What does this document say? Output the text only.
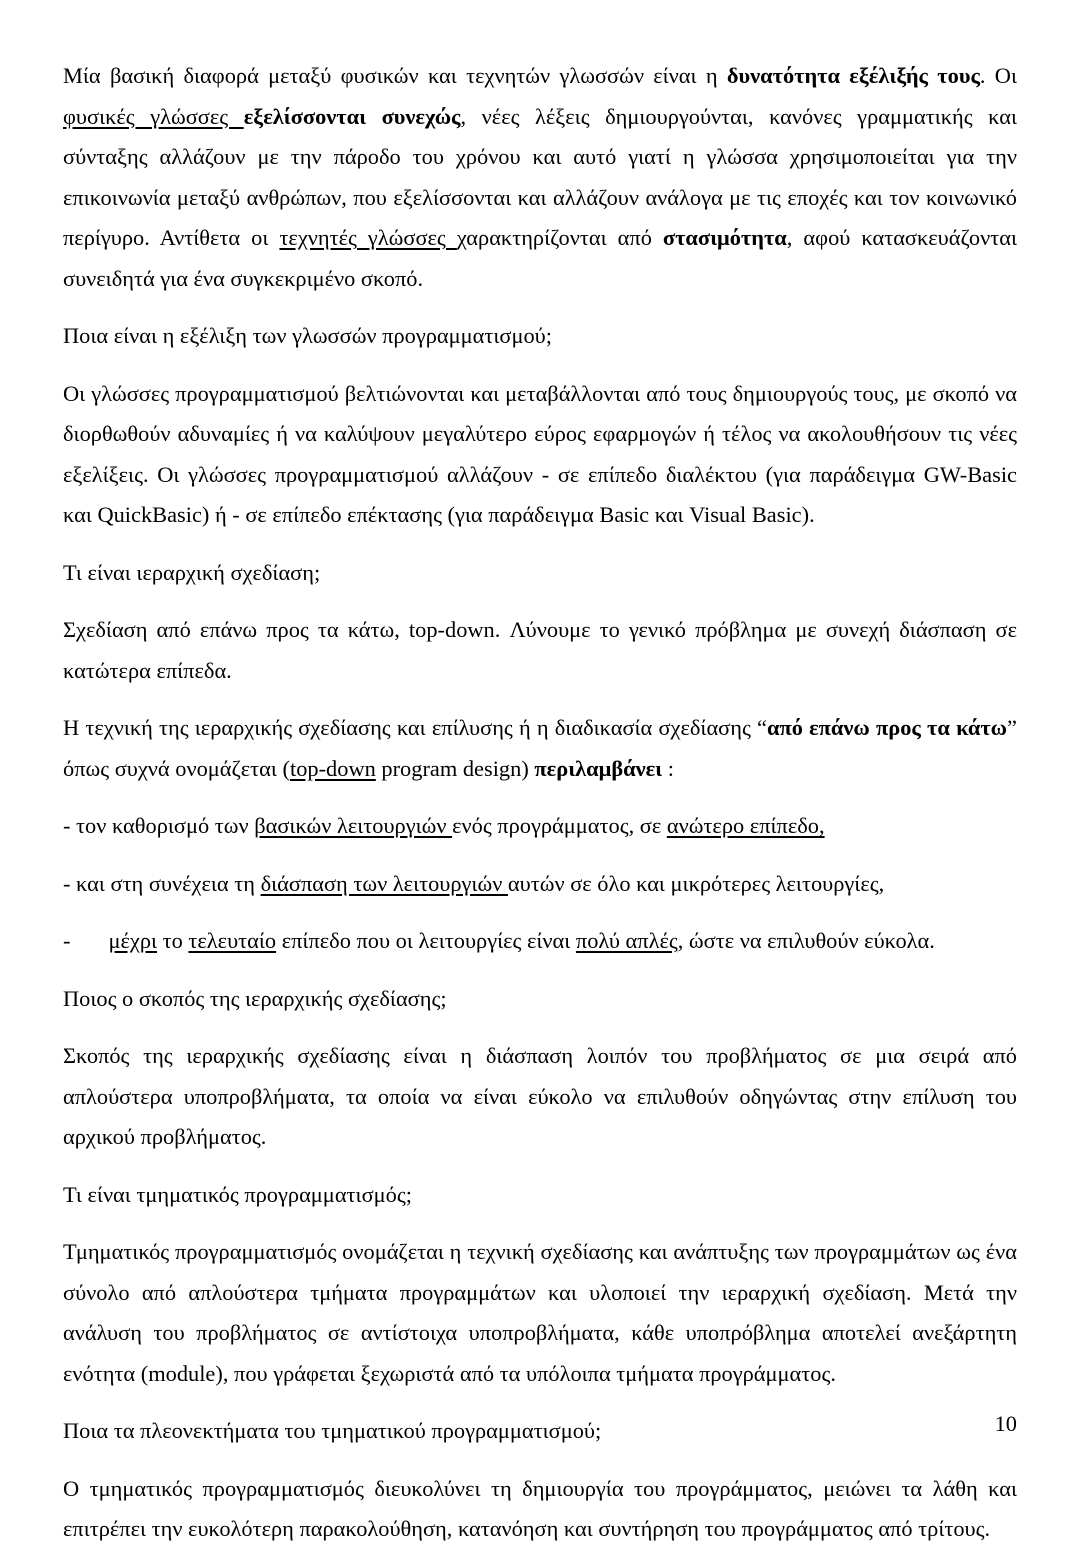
Μία βασική διαφορά μεταξύ φυσικών και τεχνητών γλωσσών είναι η δυνατότητα εξέλιξής τους. Οι φυσικές γλώσσες εξελίσσονται συνεχώς, νέες λέξεις δημιουργούνται, κανόνες γραμματικής και σύνταξης αλλάζουν με την πάροδο του χρόνου και αυτό γιατί η γλώσσα χρησιμοποιείται για την επικοινωνία μεταξύ ανθρώπων, που εξελίσσονται και αλλάζουν ανάλογα με τις εποχές και τον κοινωνικό περίγυρο. Αντίθετα οι τεχνητές γλώσσες χαρακτηρίζονται από στασιμότητα, αφού κατασκευάζονται συνειδητά για ένα συγκεκριμένο σκοπό.

Ποια είναι η εξέλιξη των γλωσσών προγραμματισμού;

Οι γλώσσες προγραμματισμού βελτιώνονται και μεταβάλλονται από τους δημιουργούς τους, με σκοπό να διορθωθούν αδυναμίες ή να καλύψουν μεγαλύτερο εύρος εφαρμογών ή τέλος να ακολουθήσουν τις νέες εξελίξεις. Οι γλώσσες προγραμματισμού αλλάζουν - σε επίπεδο διαλέκτου (για παράδειγμα GW-Basic και QuickBasic) ή - σε επίπεδο επέκτασης (για παράδειγμα Basic και Visual Basic).

Τι είναι ιεραρχική σχεδίαση;

Σχεδίαση από επάνω προς τα κάτω, top-down. Λύνουμε το γενικό πρόβλημα με συνεχή διάσπαση σε κατώτερα επίπεδα.

Η τεχνική της ιεραρχικής σχεδίασης και επίλυσης ή η διαδικασία σχεδίασης “από επάνω προς τα κάτω” όπως συχνά ονομάζεται (top-down program design) περιλαμβάνει :

- τον καθορισμό των βασικών λειτουργιών ενός προγράμματος, σε ανώτερο επίπεδο,

- και στη συνέχεια τη διάσπαση των λειτουργιών αυτών σε όλο και μικρότερες λειτουργίες,

- μέχρι το τελευταίο επίπεδο που οι λειτουργίες είναι πολύ απλές, ώστε να επιλυθούν εύκολα.

Ποιος ο σκοπός της ιεραρχικής σχεδίασης;

Σκοπός της ιεραρχικής σχεδίασης είναι η διάσπαση λοιπόν του προβλήματος σε μια σειρά από απλούστερα υποπροβλήματα, τα οποία να είναι εύκολο να επιλυθούν οδηγώντας στην επίλυση του αρχικού προβλήματος.

Τι είναι τμηματικός προγραμματισμός;

Τμηματικός προγραμματισμός ονομάζεται η τεχνική σχεδίασης και ανάπτυξης των προγραμμάτων ως ένα σύνολο από απλούστερα τμήματα προγραμμάτων και υλοποιεί την ιεραρχική σχεδίαση. Μετά την ανάλυση του προβλήματος σε αντίστοιχα υποπροβλήματα, κάθε υποπρόβλημα αποτελεί ανεξάρτητη ενότητα (module), που γράφεται ξεχωριστά από τα υπόλοιπα τμήματα προγράμματος.

Ποια τα πλεονεκτήματα του τμηματικού προγραμματισμού;

Ο τμηματικός προγραμματισμός διευκολύνει τη δημιουργία του προγράμματος, μειώνει τα λάθη και επιτρέπει την ευκολότερη παρακολούθηση, κατανόηση και συντήρηση του προγράμματος από τρίτους.

10
